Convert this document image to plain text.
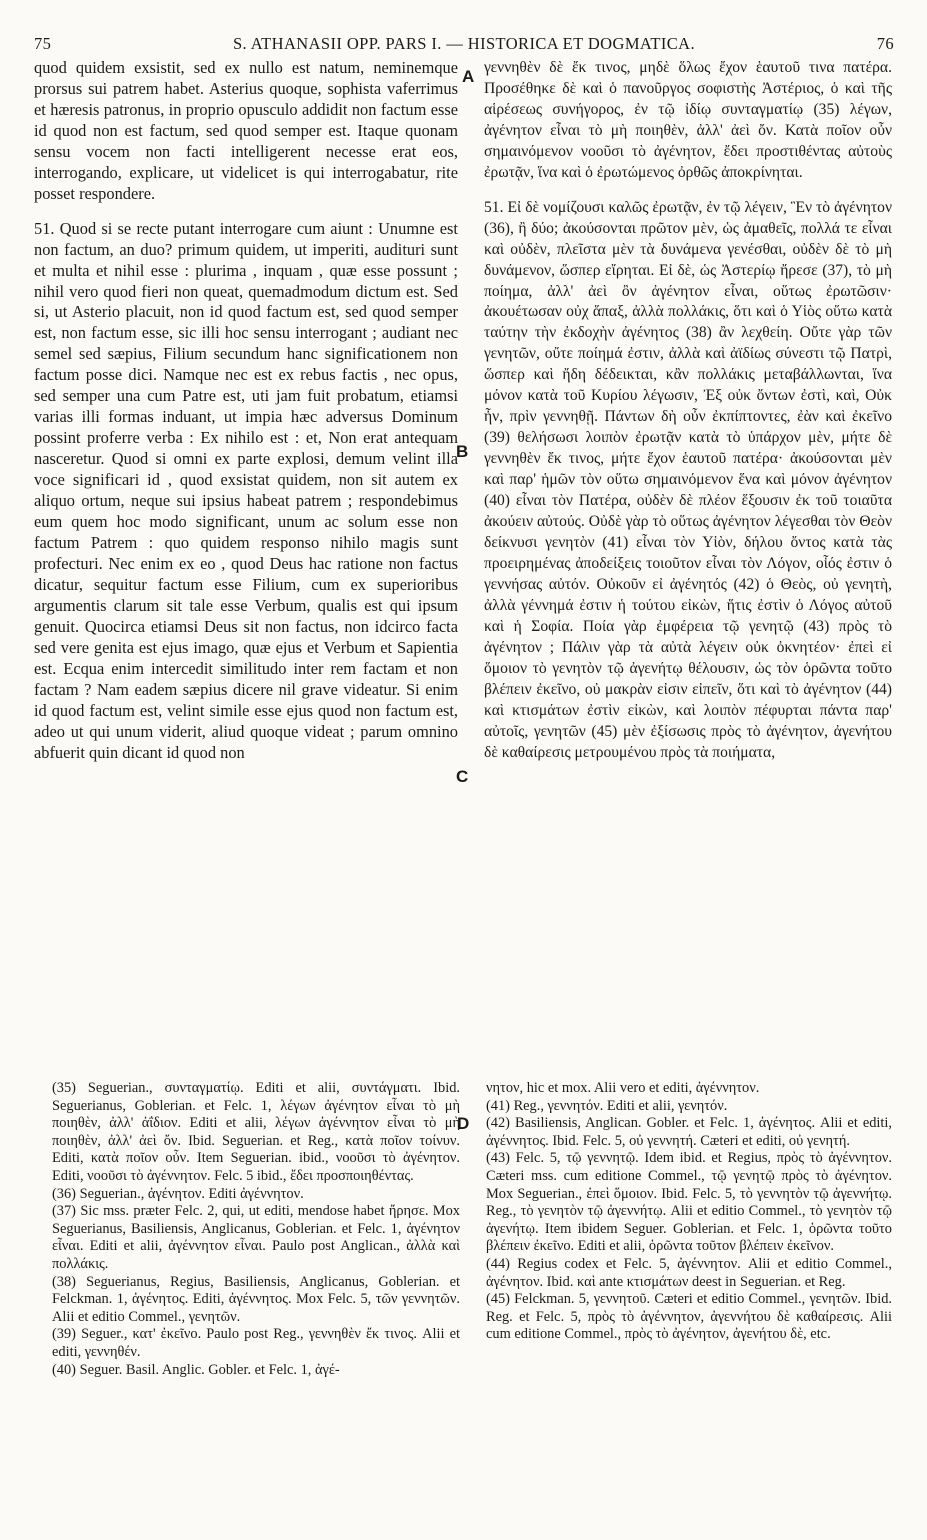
75	S. ATHANASII OPP. PARS I. — HISTORICA ET DOGMATICA.	76

quod quidem exsistit, sed ex nullo est natum, neminemque prorsus sui patrem habet. Asterius quoque, sophista vaferrimus et hæresis patronus, in proprio opusculo addidit non factum esse id quod non est factum, sed quod semper est. Itaque quonam sensu vocem non facti intelligerent necesse erat eos, interrogando, explicare, ut videlicet is qui interrogabatur, rite posset respondere.

51. Quod si se recte putant interrogare cum aiunt : Unumne est non factum, an duo? primum quidem, ut imperiti, audituri sunt et multa et nihil esse : plurima , inquam , quæ esse possunt ; nihil vero quod fieri non queat, quemadmodum dictum est. Sed si, ut Asterio placuit, non id quod factum est, sed quod semper est, non factum esse, sic illi hoc sensu interrogant ; audiant nec semel sed sæpius, Filium secundum hanc significationem non factum posse dici. Namque nec est ex rebus factis , nec opus, sed semper una cum Patre est, uti jam fuit probatum, etiamsi varias illi formas induant, ut impia hæc adversus Dominum possint proferre verba : Ex nihilo est : et, Non erat antequam nasceretur. Quod si omni ex parte explosi, demum velint illa voce significari id , quod exsistat quidem, non sit autem ex aliquo ortum, neque sui ipsius habeat patrem ; respondebimus eum quem hoc modo significant, unum ac solum esse non factum Patrem : quo quidem responso nihilo magis sunt profecturi. Nec enim ex eo , quod Deus hac ratione non factus dicatur, sequitur factum esse Filium, cum ex superioribus argumentis clarum sit tale esse Verbum, qualis est qui ipsum genuit. Quocirca etiamsi Deus sit non factus, non idcirco facta sed vere genita est ejus imago, quæ ejus et Verbum et Sapientia est. Ecqua enim intercedit similitudo inter rem factam et non factam ? Nam eadem sæpius dicere nil grave videatur. Si enim id quod factum est, velint simile esse ejus quod non factum est, adeo ut qui unum viderit, aliud quoque videat ; parum omnino abfuerit quin dicant id quod non

γεννηθὲν δὲ ἔκ τινος, μηδὲ ὅλως ἔχον ἑαυτοῦ τινα πατέρα. Προσέθηκε δὲ καὶ ὁ πανοῦργος σοφιστὴς Ἀστέριος, ὁ καὶ τῆς αἱρέσεως συνήγορος, ἐν τῷ ἰδίῳ συνταγματίῳ (35) λέγων, ἀγένητον εἶναι τὸ μὴ ποιηθὲν, ἀλλ' ἀεὶ ὄν. Κατὰ ποῖον οὖν σημαινόμενον νοοῦσι τὸ ἀγένητον, ἔδει προστιθέντας αὐτοὺς ἐρωτᾷν, ἵνα καὶ ὁ ἐρωτώμενος ὀρθῶς ἀποκρίνηται.

51. Εἰ δὲ νομίζουσι καλῶς ἐρωτᾷν, ἐν τῷ λέγειν, Ἓν τὸ ἀγένητον (36), ἢ δύο; ἀκούσονται πρῶτον μὲν, ὡς ἀμαθεῖς, πολλά τε εἶναι καὶ οὐδὲν, πλεῖστα μὲν τὰ δυνάμενα γενέσθαι, οὐδὲν δὲ τὸ μὴ δυνάμενον, ὥσπερ εἴρηται. Εἰ δὲ, ὡς Ἀστερίῳ ἤρεσε (37), τὸ μὴ ποίημα, ἀλλ' ἀεὶ ὂν ἀγένητον εἶναι, οὕτως ἐρωτῶσιν· ἀκουέτωσαν οὐχ ἅπαξ, ἀλλὰ πολλάκις, ὅτι καὶ ὁ Υἱὸς οὕτω κατὰ ταύτην τὴν ἐκδοχὴν ἀγένητος (38) ἂν λεχθείη. Οὔτε γὰρ τῶν γενητῶν, οὔτε ποίημά ἐστιν, ἀλλὰ καὶ ἀϊδίως σύνεστι τῷ Πατρὶ, ὥσπερ καὶ ἤδη δέδεικται, κἂν πολλάκις μεταβάλλωνται, ἵνα μόνον κατὰ τοῦ Κυρίου λέγωσιν, Ἐξ οὐκ ὄντων ἐστὶ, καὶ, Οὐκ ἦν, πρὶν γεννηθῇ. Πάντων δὴ οὖν ἐκπίπτοντες, ἐὰν καὶ ἐκεῖνο (39) θελήσωσι λοιπὸν ἐρωτᾷν κατὰ τὸ ὑπάρχον μὲν, μήτε δὲ γεννηθὲν ἔκ τινος, μήτε ἔχον ἑαυτοῦ πατέρα· ἀκούσονται μὲν καὶ παρ' ἡμῶν τὸν οὕτω σημαινόμενον ἕνα καὶ μόνον ἀγένητον (40) εἶναι τὸν Πατέρα, οὐδὲν δὲ πλέον ἕξουσιν ἐκ τοῦ τοιαῦτα ἀκούειν αὐτούς. Οὐδὲ γὰρ τὸ οὕτως ἀγένητον λέγεσθαι τὸν Θεὸν δείκνυσι γενητὸν (41) εἶναι τὸν Υἱὸν, δήλου ὄντος κατὰ τὰς προειρημένας ἀποδείξεις τοιοῦτον εἶναι τὸν Λόγον, οἷός ἐστιν ὁ γεννήσας αὐτόν. Οὐκοῦν εἰ ἀγένητός (42) ὁ Θεὸς, οὐ γενητὴ, ἀλλὰ γέννημά ἐστιν ἡ τούτου εἰκὼν, ἥτις ἐστὶν ὁ Λόγος αὐτοῦ καὶ ἡ Σοφία. Ποία γὰρ ἐμφέρεια τῷ γενητῷ (43) πρὸς τὸ ἀγένητον ; Πάλιν γὰρ τὰ αὐτὰ λέγειν οὐκ ὀκνητέον· ἐπεὶ εἰ ὅμοιον τὸ γενητὸν τῷ ἀγενήτῳ θέλουσιν, ὡς τὸν ὁρῶντα τοῦτο βλέπειν ἐκεῖνο, οὐ μακρὰν εἰσιν εἰπεῖν, ὅτι καὶ τὸ ἀγένητον (44) καὶ κτισμάτων ἐστὶν εἰκὼν, καὶ λοιπὸν πέφυρται πάντα παρ' αὐτοῖς, γενητῶν (45) μὲν ἐξίσωσις πρὸς τὸ ἀγένητον, ἀγενήτου δὲ καθαίρεσις μετρουμένου πρὸς τὰ ποιήματα,

A
B
C
D

(35) Seguerian., συνταγματίῳ. Editi et alii, συντάγματι. Ibid. Seguerianus, Goblerian. et Felc. 1, λέγων ἀγένητον εἶναι τὸ μὴ ποιηθὲν, ἀλλ' ἀΐδιον. Editi et alii, λέγων ἀγέννητον εἶναι τὸ μὴ ποιηθὲν, ἀλλ' ἀεὶ ὄν. Ibid. Seguerian. et Reg., κατὰ ποῖον τοίνυν. Editi, κατὰ ποῖον οὖν. Item Seguerian. ibid., νοοῦσι τὸ ἀγένητον. Editi, νοοῦσι τὸ ἀγέννητον. Felc. 5 ibid., ἔδει προσποιηθέντας.

(36) Seguerian., ἀγένητον. Editi ἀγέννητον.

(37) Sic mss. præter Felc. 2, qui, ut editi, mendose habet ἤρησε. Mox Seguerianus, Basiliensis, Anglicanus, Goblerian. et Felc. 1, ἀγένητον εἶναι. Editi et alii, ἀγέννητον εἶναι. Paulo post Anglican., ἀλλὰ καὶ πολλάκις.

(38) Seguerianus, Regius, Basiliensis, Anglicanus, Goblerian. et Felckman. 1, ἀγένητος. Editi, ἀγέννητος. Mox Felc. 5, τῶν γεννητῶν. Alii et editio Commel., γενητῶν.

(39) Seguer., κατ' ἐκεῖνο. Paulo post Reg., γεννηθὲν ἔκ τινος. Alii et editi, γεννηθέν.

(40) Seguer. Basil. Anglic. Gobler. et Felc. 1, ἀγέ-

νητον, hic et mox. Alii vero et editi, ἀγέννητον.

(41) Reg., γεννητόν. Editi et alii, γενητόν.

(42) Basiliensis, Anglican. Gobler. et Felc. 1, ἀγένητος. Alii et editi, ἀγέννητος. Ibid. Felc. 5, οὐ γεννητή. Cæteri et editi, οὐ γενητή.

(43) Felc. 5, τῷ γεννητῷ. Idem ibid. et Regius, πρὸς τὸ ἀγέννητον. Cæteri mss. cum editione Commel., τῷ γενητῷ πρὸς τὸ ἀγένητον. Mox Seguerian., ἐπεὶ ὅμοιον. Ibid. Felc. 5, τὸ γεννητὸν τῷ ἀγεννήτῳ. Reg., τὸ γενητὸν τῷ ἀγεννήτῳ. Alii et editio Commel., τὸ γενητὸν τῷ ἀγενήτῳ. Item ibidem Seguer. Goblerian. et Felc. 1, ὁρῶντα τοῦτο βλέπειν ἐκεῖνο. Editi et alii, ὁρῶντα τοῦτον βλέπειν ἐκεῖνον.

(44) Regius codex et Felc. 5, ἀγέννητον. Alii et editio Commel., ἀγένητον. Ibid. καὶ ante κτισμάτων deest in Seguerian. et Reg.

(45) Felckman. 5, γεννητοῦ. Cæteri et editio Commel., γενητῶν. Ibid. Reg. et Felc. 5, πρὸς τὸ ἀγέννητον, ἀγεννήτου δὲ καθαίρεσις. Alii cum editione Commel., πρὸς τὸ ἀγένητον, ἀγενήτου δὲ, etc.
